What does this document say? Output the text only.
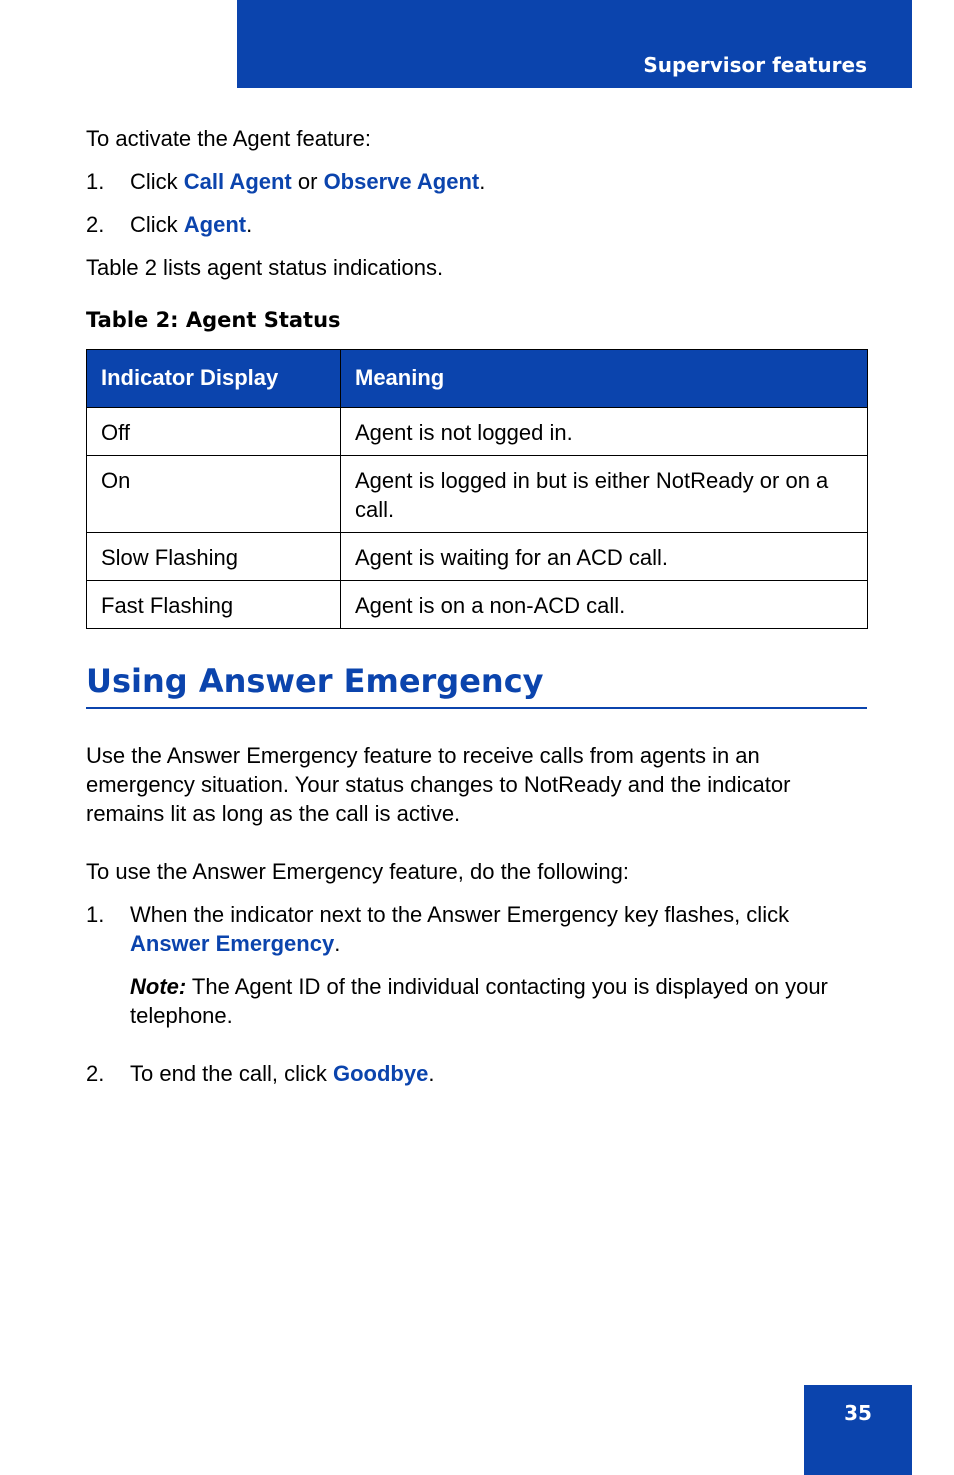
Supervisor features

To activate the Agent feature:

1. Click Call Agent or Observe Agent.
2. Click Agent.

Table 2 lists agent status indications.

Table 2: Agent Status

Indicator Display	Meaning
Off	Agent is not logged in.
On	Agent is logged in but is either NotReady or on a call.
Slow Flashing	Agent is waiting for an ACD call.
Fast Flashing	Agent is on a non-ACD call.
Using Answer Emergency

Use the Answer Emergency feature to receive calls from agents in an emergency situation. Your status changes to NotReady and the indicator remains lit as long as the call is active.

To use the Answer Emergency feature, do the following:

1. When the indicator next to the Answer Emergency key flashes, click Answer Emergency.
Note: The Agent ID of the individual contacting you is displayed on your telephone.
2. To end the call, click Goodbye.
35
